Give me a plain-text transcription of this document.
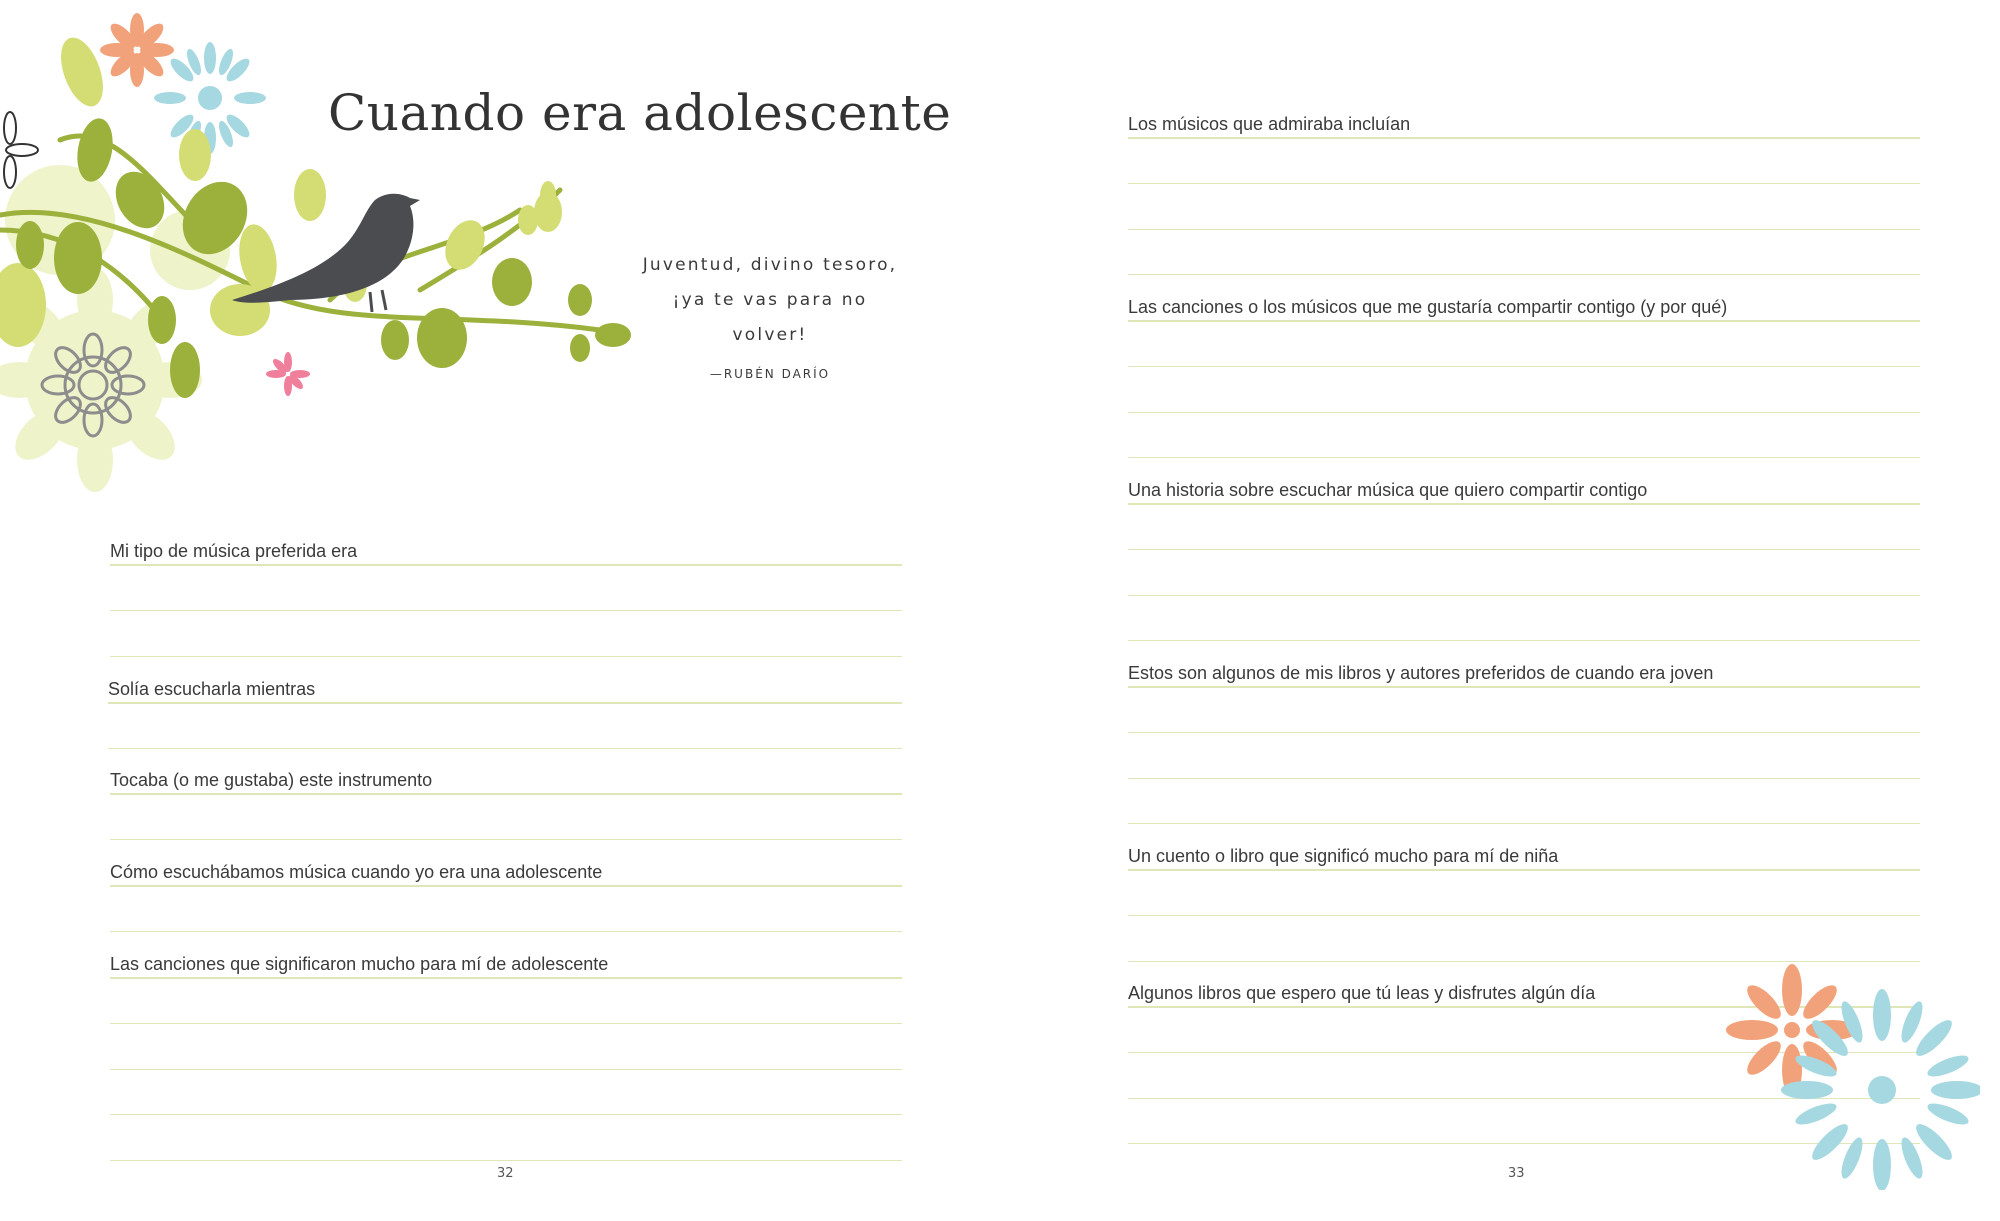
Cuando era adolescente
Juventud, divino tesoro,
¡ya te vas para no volver!
—RUBÉN DARÍO
Mi tipo de música preferida era
Solía escucharla mientras
Tocaba (o me gustaba) este instrumento
Cómo escuchábamos música cuando yo era una adolescente
Las canciones que significaron mucho para mí de adolescente
32
Los músicos que admiraba incluían
Las canciones o los músicos que me gustaría compartir contigo (y por qué)
Una historia sobre escuchar música que quiero compartir contigo
Estos son algunos de mis libros y autores preferidos de cuando era joven
Un cuento o libro que significó mucho para mí de niña
Algunos libros que espero que tú leas y disfrutes algún día
33
